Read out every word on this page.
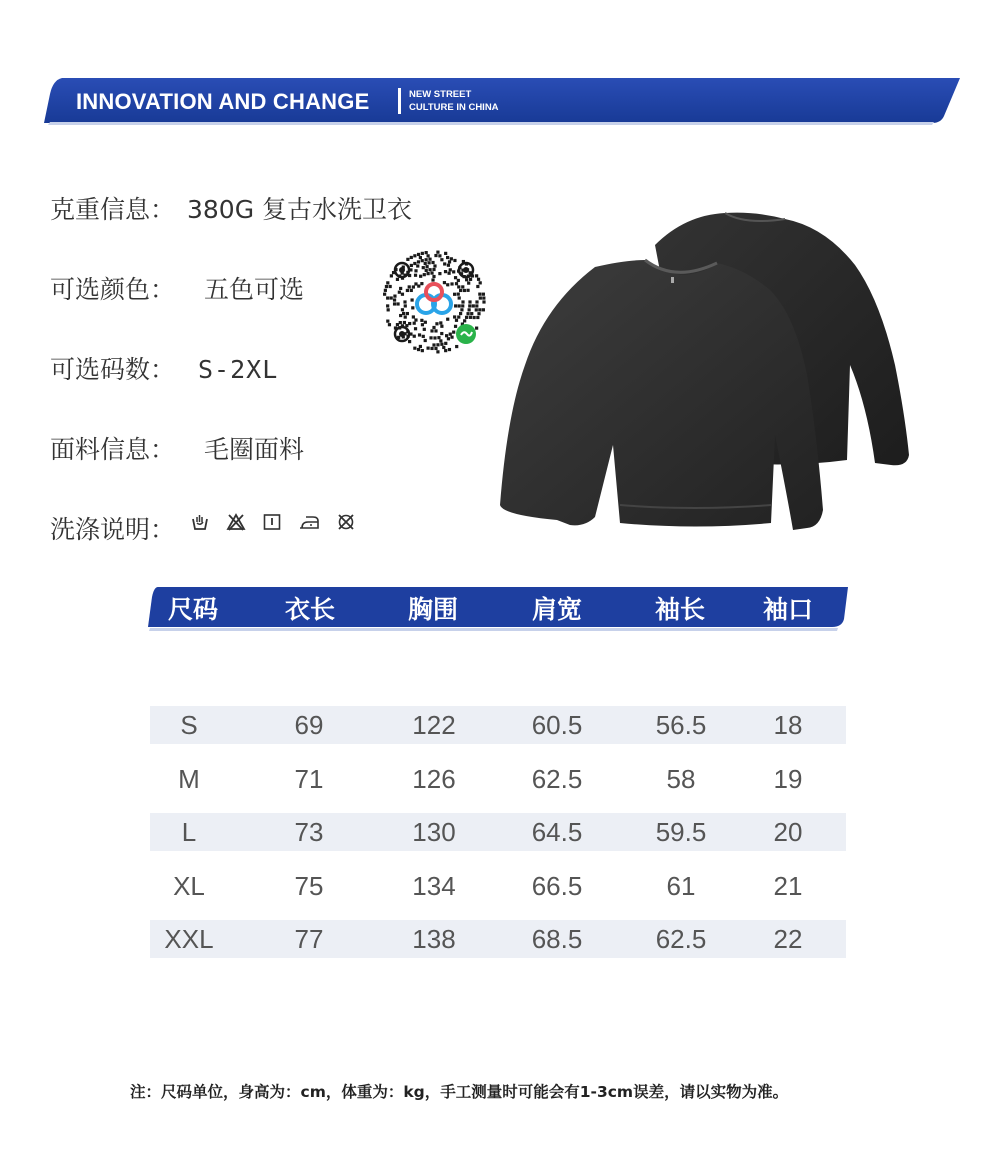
INNOVATION AND CHANGE	NEW STREET
CULTURE IN CHINA
克重信息： 380G 复古水洗卫衣
可选颜色： 五色可选
可选码数： S-2XL
面料信息： 毛圈面料
洗涤说明：
尺码	衣长	胸围	肩宽	袖长	袖口
S	69	122	60.5	56.5	18
M	71	126	62.5	58	19
L	73	130	64.5	59.5	20
XL	75	134	66.5	61	21
XXL	77	138	68.5	62.5	22
注：尺码单位，身高为：cm，体重为：kg，手工测量时可能会有1-3cm误差，请以实物为准。
